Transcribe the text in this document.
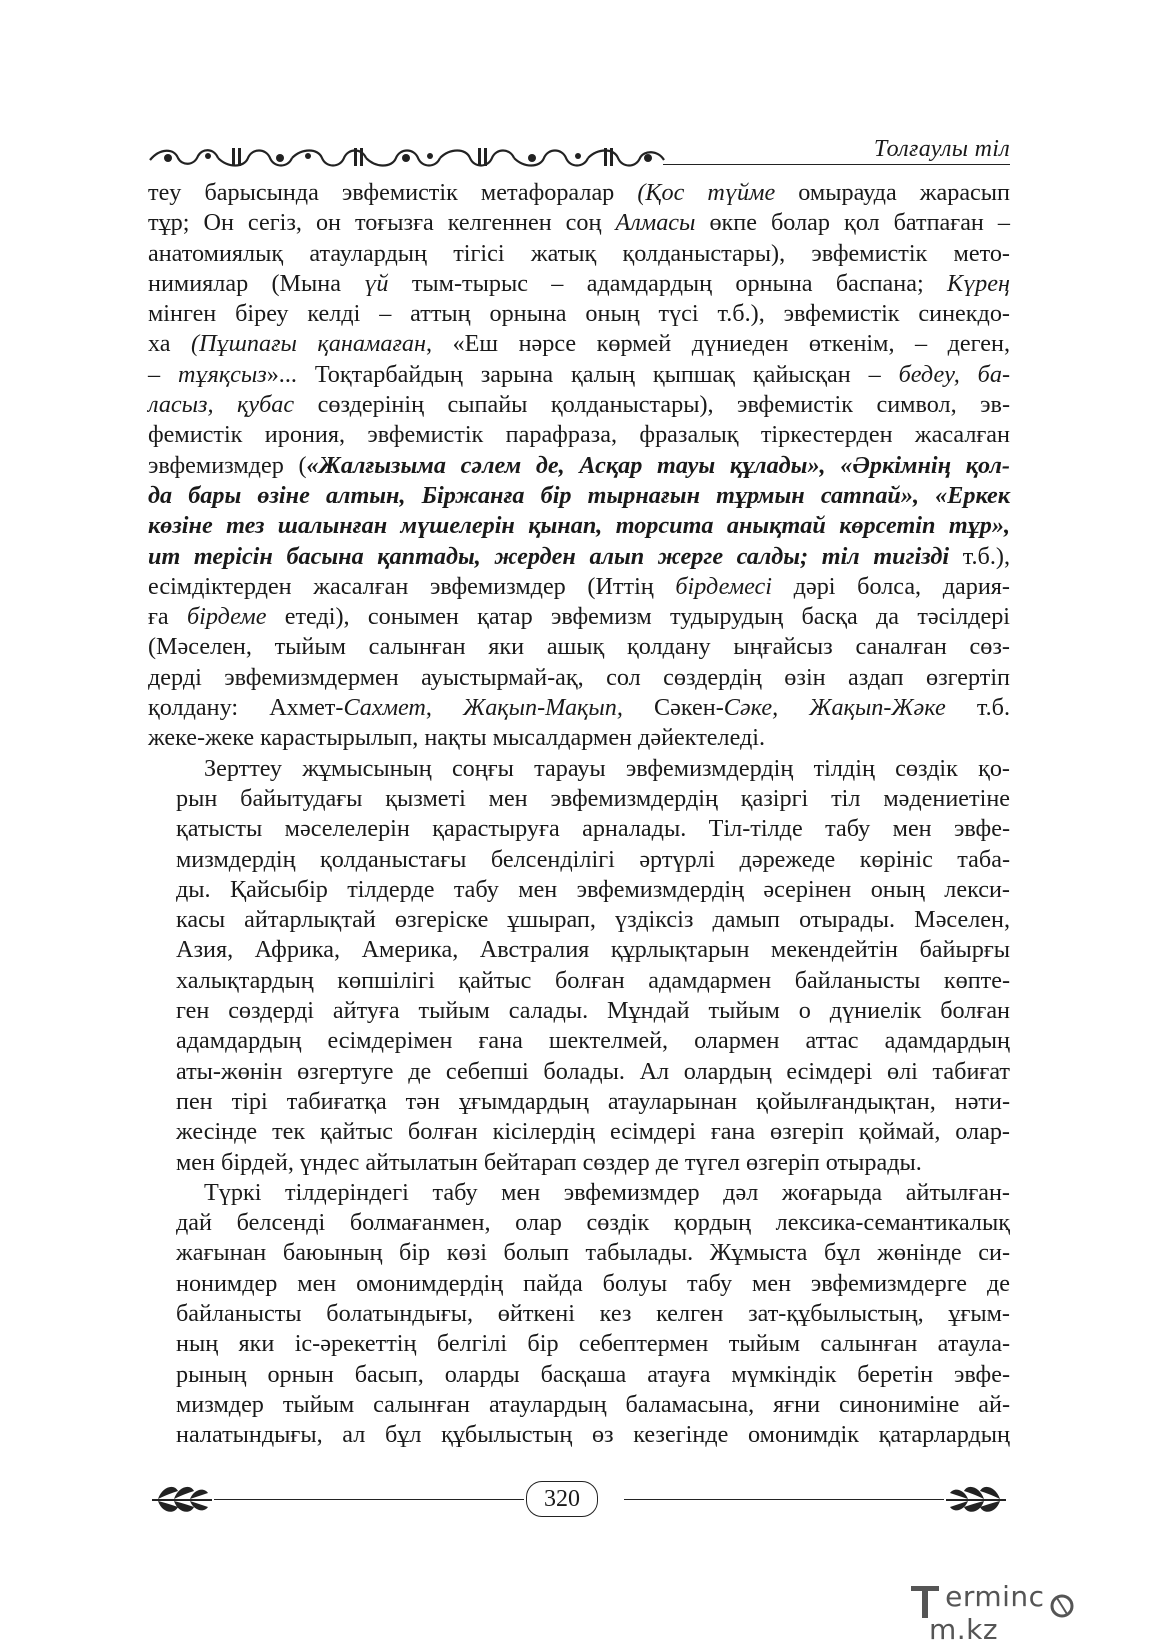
Толғаулы тіл

тeу барысында эвфемистік метафоралар (Қос түйме омырауда жарасып
тұр; Он сегіз, он тоғызға келгеннен соң Алмасы өкпе болар қол батпаған –
анатомиялық атаулардың тігісі жатық қолданыстары), эвфемистік мето-
нимиялар (Мына үй тым-тырыс – адамдардың орнына баспана; Күрең
мінген біреу келді – аттың орнына оның түсі т.б.), эвфемистік синекдо-
ха (Пұшпағы қанамаған, «Еш нәрсе көрмей дүниеден өткенім, – деген,
– тұяқсыз»... Тоқтарбайдың зарына қалың қыпшақ қайысқан – бедеу, ба-
ласыз, қубас сөздерінің сыпайы қолданыстары), эвфемистік символ, эв-
фемистік ирония, эвфемистік парафраза, фразалық тіркестерден жасалған
эвфемизмдер («Жалғызыма сәлем де, Асқар тауы құлады», «Әркімнің қол-
да бары өзіне алтын, Біржанға бір тырнағын тұрмын сатпай», «Еркек
көзіне тез шалынған мүшелерін қынап, торсита анықтай көрсетіп тұр»,
ит терісін басына қаптады, жерден алып жерге салды; тіл тигізді т.б.),
есімдіктерден жасалған эвфемизмдер (Иттің бірдемесі дәрі болса, дария-
ға бірдеме етеді), сонымен қатар эвфемизм тудырудың басқа да тәсілдері
(Мәселен, тыйым салынған яки ашық қолдану ыңғайсыз саналған сөз-
дерді эвфемизмдермен ауыстырмай-ақ, сол сөздердің өзін аздап өзгертіп
қолдану: Ахмет-Сахмет, Жақып-Мақып, Сәкен-Сәке, Жақып-Жәке т.б.
жеке-жеке карастырылып, нақты мысалдармен дәйектеледі.

Зерттеу жұмысының соңғы тарауы эвфемизмдердің тілдің сөздік қо-
рын байытудағы қызметі мен эвфемизмдердің қазіргі тіл мәдениетіне
қатысты мәселелерін қарастыруға арналады. Тіл-тілде табу мен эвфе-
мизмдердің қолданыстағы белсенділігі әртүрлі дәрежеде көрініс таба-
ды. Қайсыбір тілдерде табу мен эвфемизмдердің әсерінен оның лекси-
касы айтарлықтай өзгеріске ұшырап, үздіксіз дамып отырады. Мәселен,
Азия, Африка, Америка, Австралия құрлықтарын мекендейтін байырғы
халықтардың көпшілігі қайтыс болған адамдармен байланысты көпте-
ген сөздерді айтуға тыйым салады. Мұндай тыйым о дүниелік болған
адамдардың есімдерімен ғана шектелмей, олармен аттас адамдардың
аты-жөнін өзгертуге де себепші болады. Ал олардың есімдері өлі табиғат
пен тірі табиғатқа тән ұғымдардың атауларынан қойылғандықтан, нәти-
жесінде тек қайтыс болған кісілердің есімдері ғана өзгеріп қоймай, олар-
мен бірдей, үндес айтылатын бейтарап сөздер де түгел өзгеріп отырады.

Түркі тілдеріндегі табу мен эвфемизмдер дәл жоғарыда айтылған-
дай белсенді болмағанмен, олар сөздік қордың лексика-семантикалық
жағынан баюының бір көзі болып табылады. Жұмыста бұл жөнінде си-
нонимдер мен омонимдердің пайда болуы табу мен эвфемизмдерге де
байланысты болатындығы, өйткені кез келген зат-құбылыстың, ұғым-
ның яки іс-әрекеттің белгілі бір себептермен тыйым салынған атаула-
рының орнын басып, оларды басқаша атауға мүмкіндік беретін эвфе-
мизмдер тыйым салынған атаулардың баламасына, яғни синониміне ай-
налатындығы, ал бұл құбылыстың өз кезегінде омонимдік қатарлардың

320
ermincm.kz
